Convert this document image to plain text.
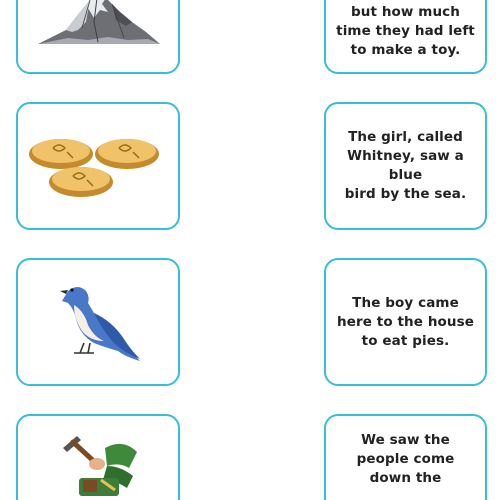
but how much
time they had left
to make a toy.
The girl, called
Whitney, saw a blue
bird by the sea.
The boy came
here to the house
to eat pies.
We saw the
people come
down the
